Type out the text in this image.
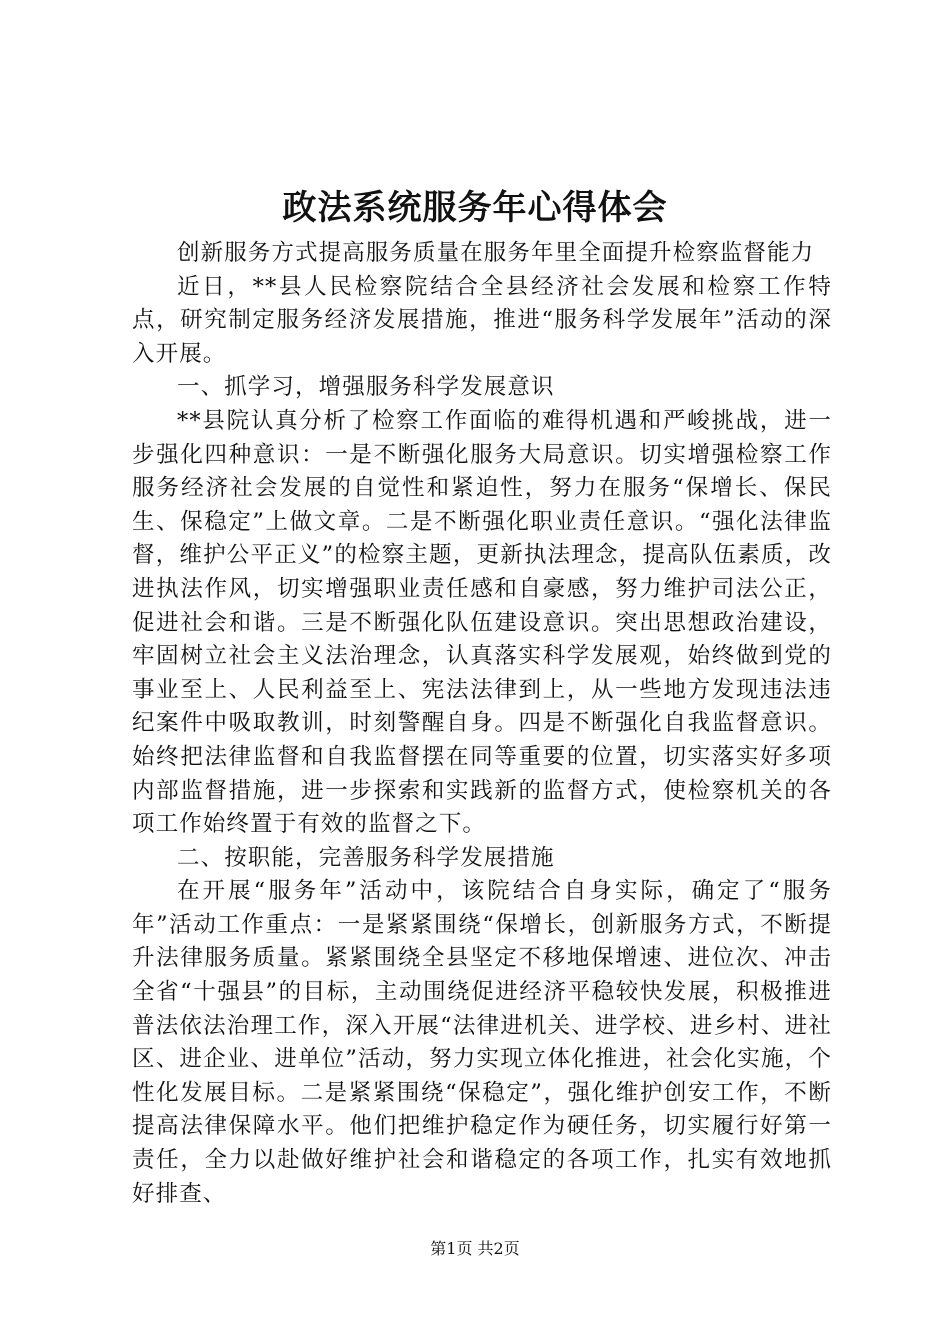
政法系统服务年心得体会

创新服务方式提高服务质量在服务年里全面提升检察监督能力

近日，**县人民检察院结合全县经济社会发展和检察工作特点，研究制定服务经济发展措施，推进“服务科学发展年”活动的深入开展。

一、抓学习，增强服务科学发展意识

**县院认真分析了检察工作面临的难得机遇和严峻挑战，进一步强化四种意识：一是不断强化服务大局意识。切实增强检察工作服务经济社会发展的自觉性和紧迫性，努力在服务“保增长、保民生、保稳定”上做文章。二是不断强化职业责任意识。“强化法律监督，维护公平正义”的检察主题，更新执法理念，提高队伍素质，改进执法作风，切实增强职业责任感和自豪感，努力维护司法公正，促进社会和谐。三是不断强化队伍建设意识。突出思想政治建设，牢固树立社会主义法治理念，认真落实科学发展观，始终做到党的事业至上、人民利益至上、宪法法律到上，从一些地方发现违法违纪案件中吸取教训，时刻警醒自身。四是不断强化自我监督意识。始终把法律监督和自我监督摆在同等重要的位置，切实落实好多项内部监督措施，进一步探索和实践新的监督方式，使检察机关的各项工作始终置于有效的监督之下。

二、按职能，完善服务科学发展措施

在开展“服务年”活动中，该院结合自身实际，确定了“服务年”活动工作重点：一是紧紧围绕“保增长，创新服务方式，不断提升法律服务质量。紧紧围绕全县坚定不移地保增速、进位次、冲击全省“十强县”的目标，主动围绕促进经济平稳较快发展，积极推进普法依法治理工作，深入开展“法律进机关、进学校、进乡村、进社区、进企业、进单位”活动，努力实现立体化推进，社会化实施，个性化发展目标。二是紧紧围绕“保稳定”，强化维护创安工作，不断提高法律保障水平。他们把维护稳定作为硬任务，切实履行好第一责任，全力以赴做好维护社会和谐稳定的各项工作，扎实有效地抓好排查、

第1页 共2页
